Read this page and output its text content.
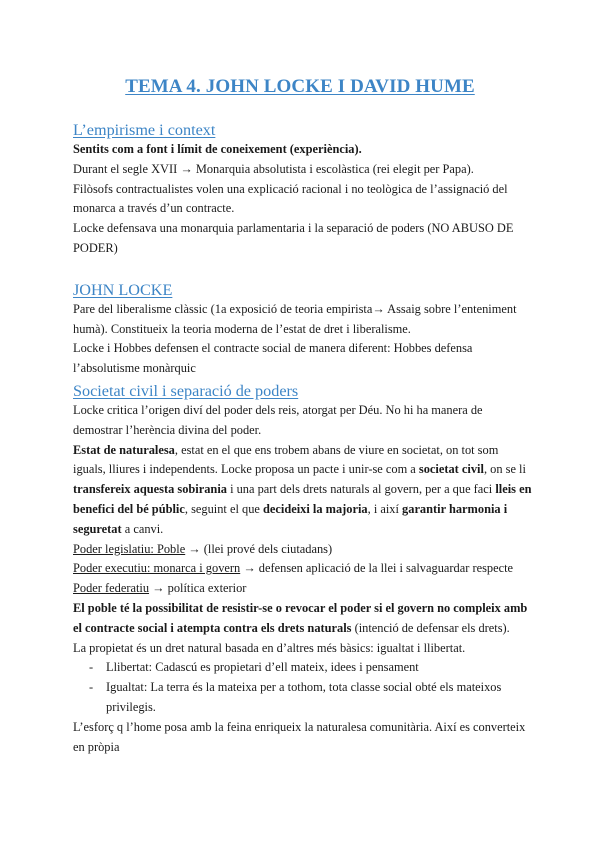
TEMA 4. JOHN LOCKE I DAVID HUME
L’empirisme i context

Sentits com a font i límit de coneixement (experiència).

Durant el segle XVII → Monarquia absolutista i escolàstica (rei elegit per Papa).

Filòsofs contractualistes volen una explicació racional i no teològica de l’assignació del monarca a través d’un contracte.

Locke defensava una monarquia parlamentaria i la separació de poders (NO ABUSO DE PODER)

JOHN LOCKE

Pare del liberalisme clàssic (1a exposició de teoria empirista→ Assaig sobre l’enteniment humà). Constitueix la teoria moderna de l’estat de dret i liberalisme.

Locke i Hobbes defensen el contracte social de manera diferent: Hobbes defensa l’absolutisme monàrquic

Societat civil i separació de poders

Locke critica l’origen diví del poder dels reis, atorgat per Déu. No hi ha manera de demostrar l’herència divina del poder.

Estat de naturalesa, estat en el que ens trobem abans de viure en societat, on tot som iguals, lliures i independents. Locke proposa un pacte i unir-se com a societat civil, on se li transfereix aquesta sobirania i una part dels drets naturals al govern, per a que faci lleis en benefici del bé públic, seguint el que decideixi la majoria, i així garantir harmonia i seguretat a canvi.

Poder legislatiu: Poble → (llei prové dels ciutadans)

Poder executiu: monarca i govern → defensen aplicació de la llei i salvaguardar respecte

Poder federatiu → política exterior

El poble té la possibilitat de resistir-se o revocar el poder si el govern no compleix amb el contracte social i atempta contra els drets naturals (intenció de defensar els drets).

La propietat és un dret natural basada en d’altres més bàsics: igualtat i llibertat.

- Llibertat: Cadascú es propietari d’ell mateix, idees i pensament
- Igualtat: La terra és la mateixa per a tothom, tota classe social obté els mateixos privilegis.

L’esforç q l’home posa amb la feina enriqueix la naturalesa comunitària. Així es converteix en pròpia
